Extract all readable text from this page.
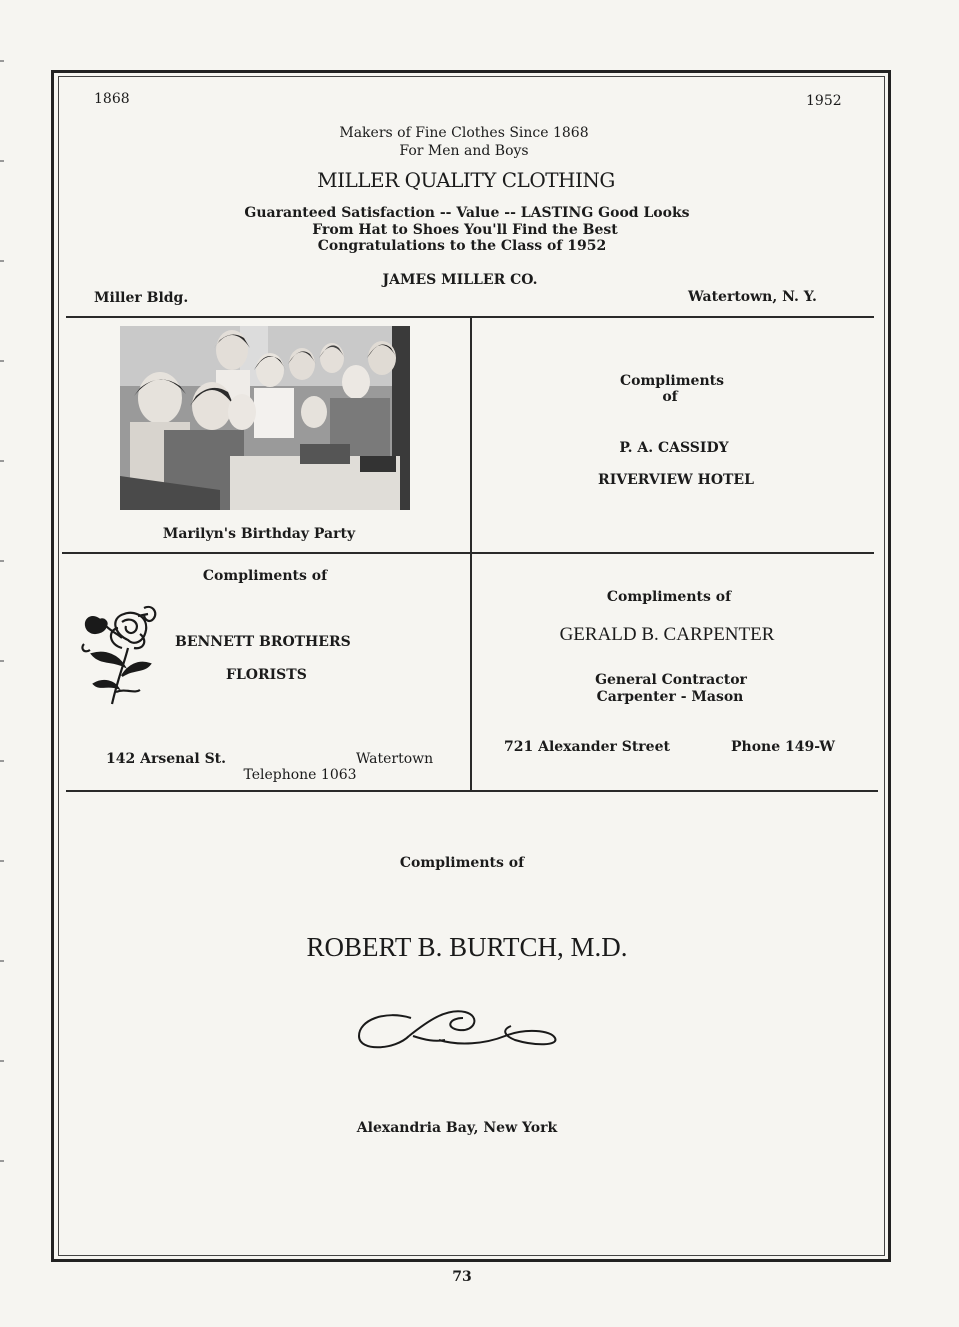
1868	1952
Makers of Fine Clothes Since 1868
For Men and Boys
MILLER QUALITY CLOTHING
Guaranteed Satisfaction -- Value -- LASTING Good Looks
From Hat to Shoes You'll Find the Best
Congratulations to the Class of 1952
JAMES MILLER CO.
Miller Bldg.	Watertown, N. Y.
Marilyn's Birthday Party
Compliments
of
P. A. CASSIDY
RIVERVIEW HOTEL
Compliments of
BENNETT BROTHERS
FLORISTS
142 Arsenal St.	Watertown
Telephone 1063
Compliments of
GERALD B. CARPENTER
General Contractor
Carpenter - Mason
721 Alexander Street	Phone 149-W
Compliments of
ROBERT B. BURTCH, M.D.
Alexandria Bay, New York
73
